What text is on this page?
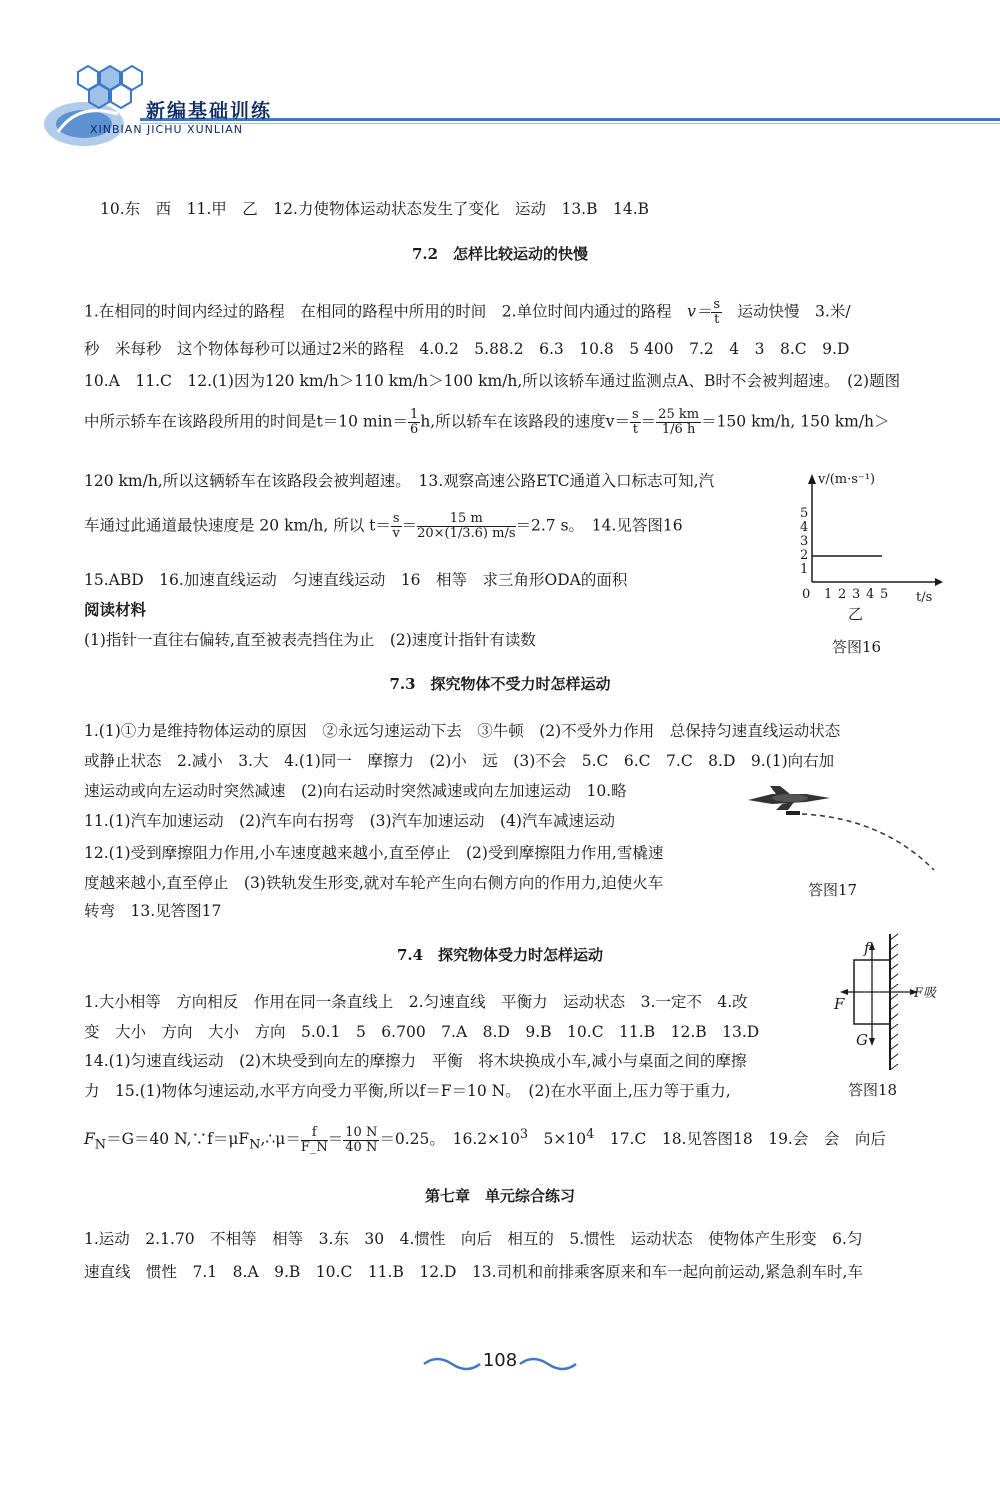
新编基础训练
XINBIAN JICHU XUNLIAN
10.东　西　11.甲　乙　12.力使物体运动状态发生了变化　运动　13.B　14.B
7.2　怎样比较运动的快慢
1.在相同的时间内经过的路程　在相同的路程中所用的时间　2.单位时间内通过的路程　$v= \frac{s}{t}$ 　运动快慢　3.米/
秒　米每秒　这个物体每秒可以通过2米的路程　4.0.2　5.88.2　6.3　10.8　5 400　7.2　4　3　8.C　9.D
10.A　11.C　12.(1)因为120 km/h＞110 km/h＞100 km/h,所以该轿车通过监测点A、B时不会被判超速。　(2)题图
中所示轿车在该路段所用的时间是t＝10 $\min= \frac{1}{6} h$,所以轿车在该路段的速度$v= \frac{s}{t} = \frac{25 km}{1/6 h} =150$ km/h, 150 km/h＞
120 km/h,所以这辆轿车在该路段会被判超速。　13.观察高速公路ETC通道入口标志可知,汽
车通过此通道最快速度是 20 km/h, 所以 $t= \frac{s}{v} = \frac{15 m}{20\times(1/3.6) m/s} =2.7$ s。　14.见答图16
15.ABD　16.加速直线运动　匀速直线运动　16　相等　求三角形ODA的面积
阅读材料
(1)指针一直往右偏转,直至被表壳挡住为止　(2)速度计指针有读数
v/(m·s⁻¹)
t/s
0 1 2 3 4 5
1
2
3
4
5
乙
答图16
7.3　探究物体不受力时怎样运动
1.(1)①力是维持物体运动的原因　②永远匀速运动下去　③牛顿　(2)不受外力作用　总保持匀速直线运动状态
或静止状态　2.减小　3.大　4.(1)同一　摩擦力　(2)小　远　(3)不会　5.C　6.C　7.C　8.D　9.(1)向右加
速运动或向左运动时突然减速　(2)向右运动时突然减速或向左加速运动　10.略
11.(1)汽车加速运动　(2)汽车向右拐弯　(3)汽车加速运动　(4)汽车减速运动
12.(1)受到摩擦阻力作用,小车速度越来越小,直至停止　(2)受到摩擦阻力作用,雪橇速
度越来越小,直至停止　(3)铁轨发生形变,就对车轮产生向右侧方向的作用力,迫使火车
转弯　13.见答图17
答图17
7.4　探究物体受力时怎样运动
1.大小相等　方向相反　作用在同一条直线上　2.匀速直线　平衡力　运动状态　3.一定不　4.改
变　大小　方向　大小　方向　5.0.1　5　6.700　7.A　8.D　9.B　10.C　11.B　12.B　13.D
14.(1)匀速直线运动　(2)木块受到向左的摩擦力　平衡　将木块换成小车,减小与桌面之间的摩擦
力　15.(1)物体匀速运动,水平方向受力平衡,所以f＝F＝10 N。　(2)在水平面上,压力等于重力,
$F_N=G=40$ $N,\because f=\mu F_N,\therefore\mu= \frac{f}{F\_N} = \frac{10 N}{40 N} =0.25$。　$16.2\times 10^3$　$5\times 10^4$　17.C　18.见答图18　19.会　会　向后
f
F
G
F吸
答图18
第七章　单元综合练习
1.运动　2.1.70　不相等　相等　3.东　30　4.惯性　向后　相互的　5.惯性　运动状态　使物体产生形变　6.匀
速直线　惯性　7.1　8.A　9.B　10.C　11.B　12.D　13.司机和前排乘客原来和车一起向前运动,紧急刹车时,车
108
